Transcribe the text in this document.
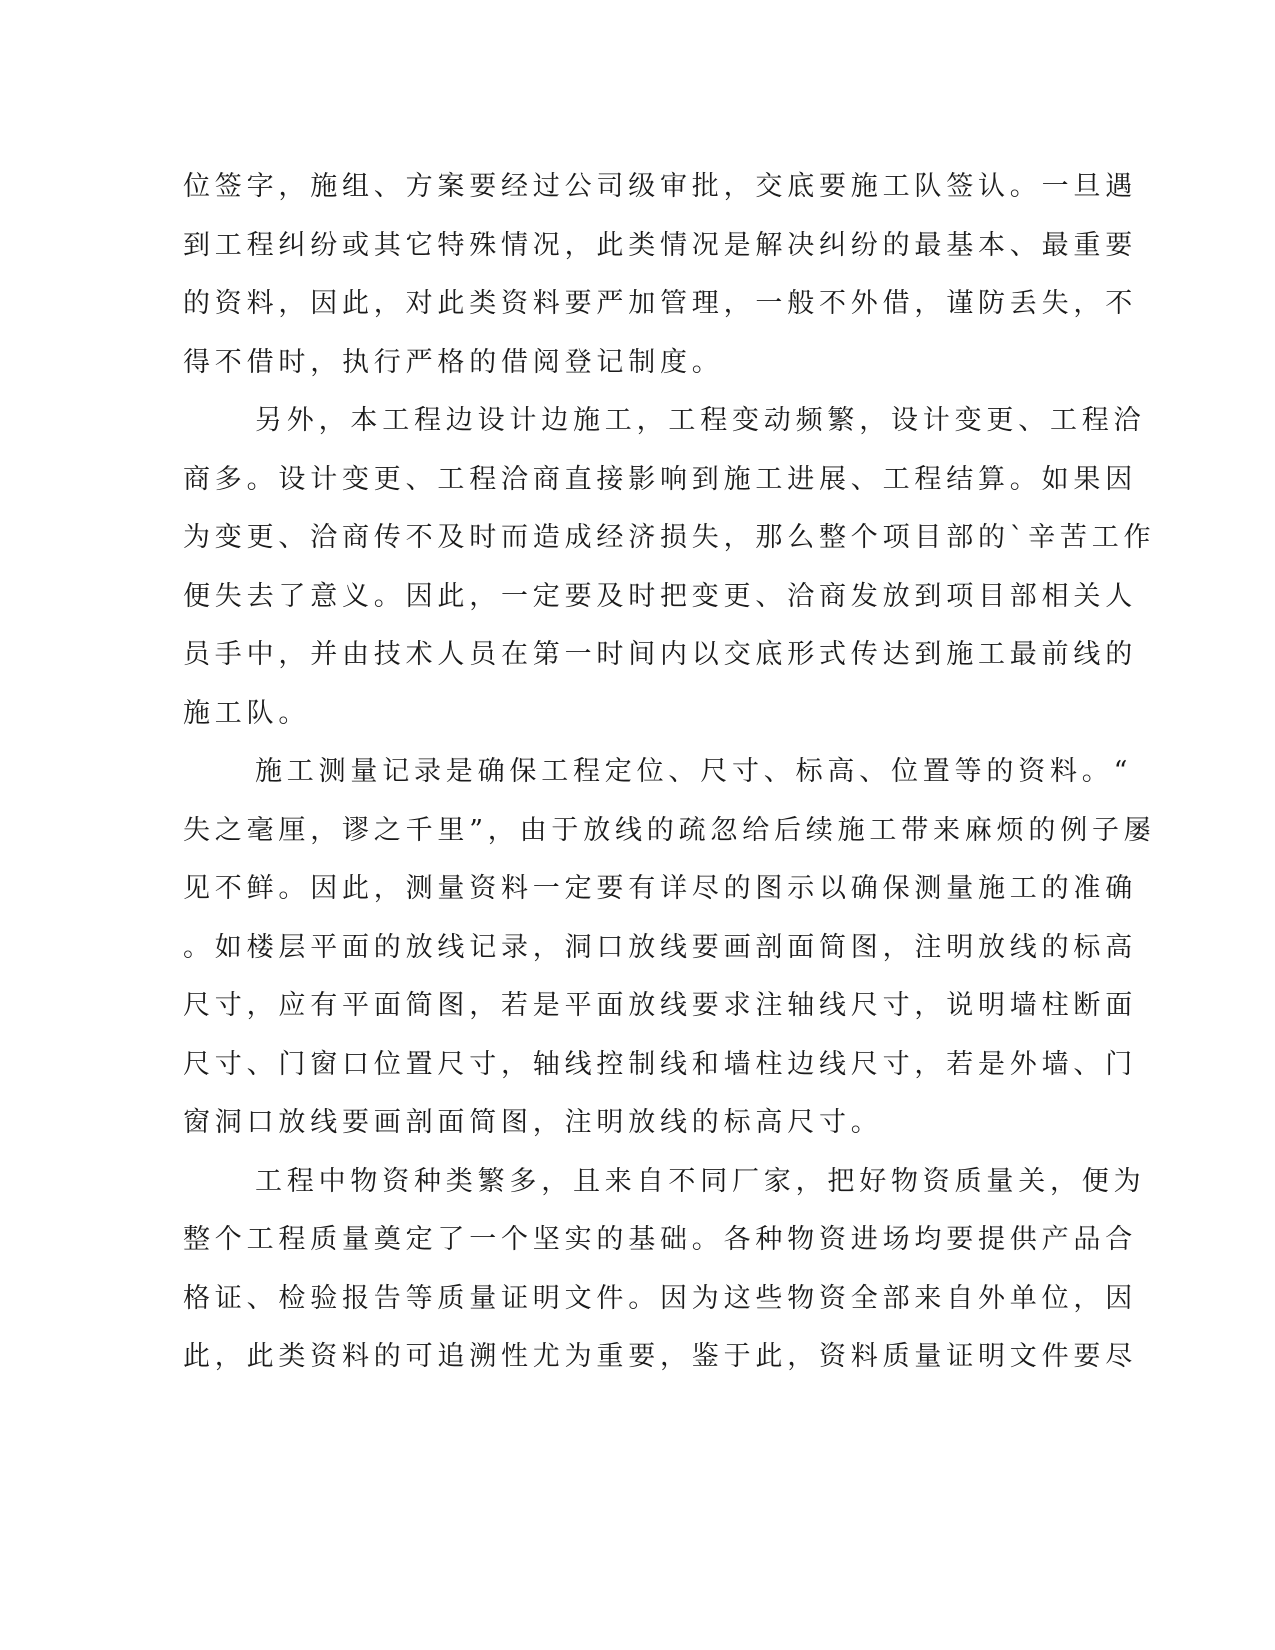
位签字，施组、方案要经过公司级审批，交底要施工队签认。一旦遇
到工程纠纷或其它特殊情况，此类情况是解决纠纷的最基本、最重要
的资料，因此，对此类资料要严加管理，一般不外借，谨防丢失，不
得不借时，执行严格的借阅登记制度。
另外，本工程边设计边施工，工程变动频繁，设计变更、工程洽
商多。设计变更、工程洽商直接影响到施工进展、工程结算。如果因
为变更、洽商传不及时而造成经济损失，那么整个项目部的`辛苦工作
便失去了意义。因此，一定要及时把变更、洽商发放到项目部相关人
员手中，并由技术人员在第一时间内以交底形式传达到施工最前线的
施工队。
施工测量记录是确保工程定位、尺寸、标高、位置等的资料。“
失之毫厘，谬之千里”，由于放线的疏忽给后续施工带来麻烦的例子屡
见不鲜。因此，测量资料一定要有详尽的图示以确保测量施工的准确
。如楼层平面的放线记录，洞口放线要画剖面简图，注明放线的标高
尺寸，应有平面简图，若是平面放线要求注轴线尺寸，说明墙柱断面
尺寸、门窗口位置尺寸，轴线控制线和墙柱边线尺寸，若是外墙、门
窗洞口放线要画剖面简图，注明放线的标高尺寸。
工程中物资种类繁多，且来自不同厂家，把好物资质量关，便为
整个工程质量奠定了一个坚实的基础。各种物资进场均要提供产品合
格证、检验报告等质量证明文件。因为这些物资全部来自外单位，因
此，此类资料的可追溯性尤为重要，鉴于此，资料质量证明文件要尽
